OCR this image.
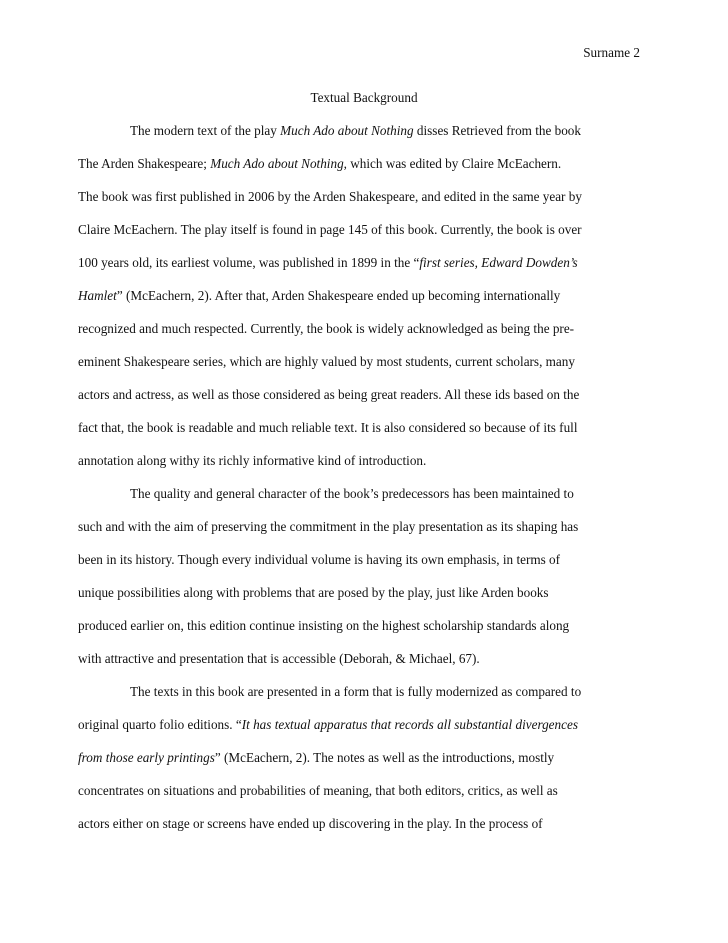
Surname 2
Textual Background
The modern text of the play Much Ado about Nothing disses Retrieved from the book
The Arden Shakespeare; Much Ado about Nothing, which was edited by Claire McEachern.
The book was first published in 2006 by the Arden Shakespeare, and edited in the same year by
Claire McEachern. The play itself is found in page 145 of this book. Currently, the book is over
100 years old, its earliest volume, was published in 1899 in the “first series, Edward Dowden’s
Hamlet” (McEachern, 2). After that, Arden Shakespeare ended up becoming internationally
recognized and much respected. Currently, the book is widely acknowledged as being the pre-
eminent Shakespeare series, which are highly valued by most students, current scholars, many
actors and actress, as well as those considered as being great readers. All these ids based on the
fact that, the book is readable and much reliable text. It is also considered so because of its full
annotation along withy its richly informative kind of introduction.
The quality and general character of the book’s predecessors has been maintained to
such and with the aim of preserving the commitment in the play presentation as its shaping has
been in its history. Though every individual volume is having its own emphasis, in terms of
unique possibilities along with problems that are posed by the play, just like Arden books
produced earlier on, this edition continue insisting on the highest scholarship standards along
with attractive and presentation that is accessible (Deborah, & Michael, 67).
The texts in this book are presented in a form that is fully modernized as compared to
original quarto folio editions. “It has textual apparatus that records all substantial divergences
from those early printings” (McEachern, 2). The notes as well as the introductions, mostly
concentrates on situations and probabilities of meaning, that both editors, critics, as well as
actors either on stage or screens have ended up discovering in the play. In the process of
